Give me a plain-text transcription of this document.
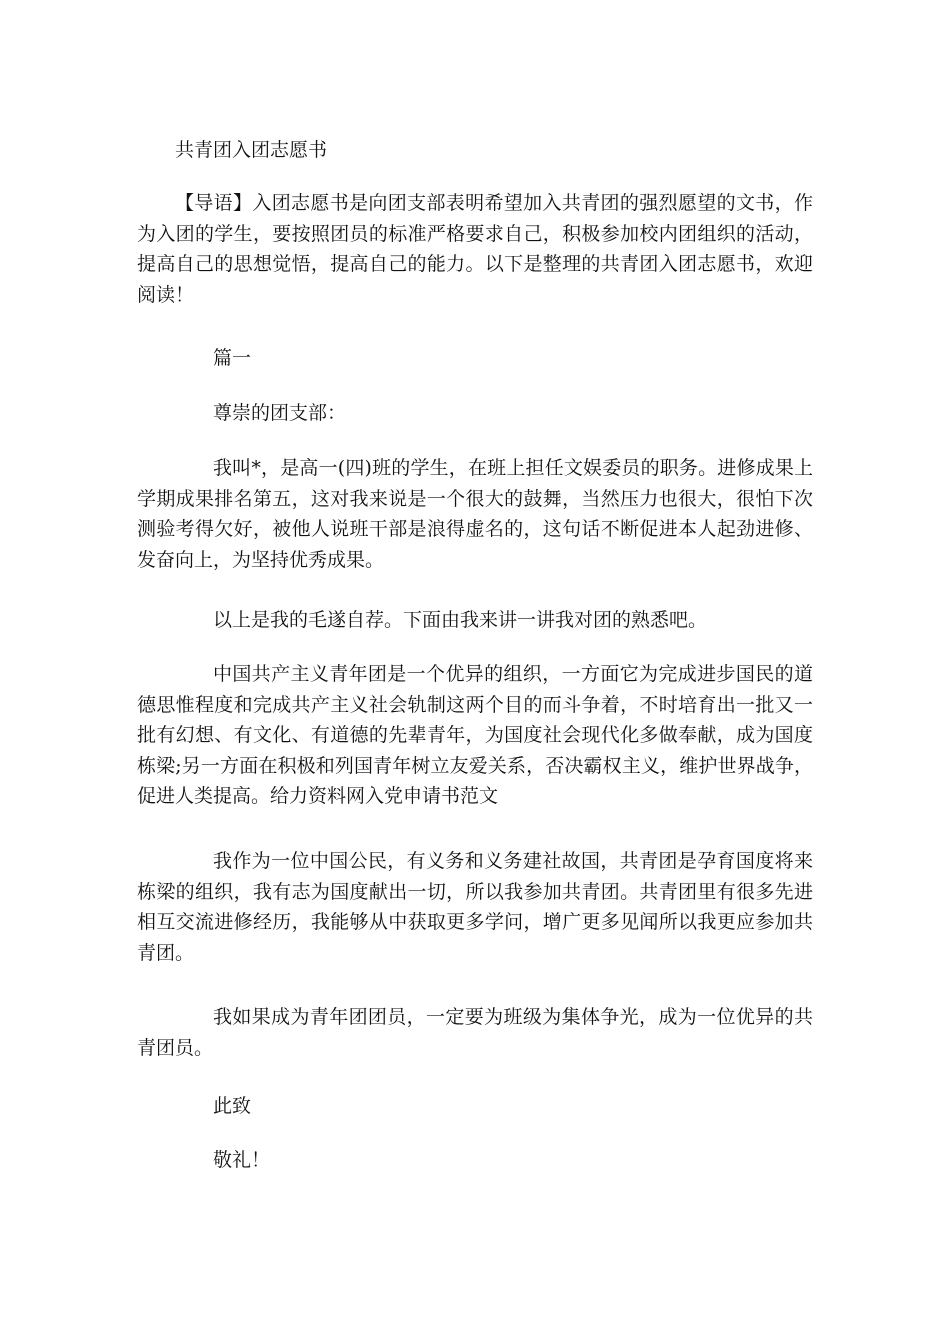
共青团入团志愿书
【导语】入团志愿书是向团支部表明希望加入共青团的强烈愿望的文书，作为入团的学生，要按照团员的标准严格要求自己，积极参加校内团组织的活动，提高自己的思想觉悟，提高自己的能力。以下是整理的共青团入团志愿书，欢迎阅读！
篇一
尊崇的团支部：
我叫*，是高一(四)班的学生，在班上担任文娱委员的职务。进修成果上学期成果排名第五，这对我来说是一个很大的鼓舞，当然压力也很大，很怕下次测验考得欠好，被他人说班干部是浪得虚名的，这句话不断促进本人起劲进修、发奋向上，为坚持优秀成果。
以上是我的毛遂自荐。下面由我来讲一讲我对团的熟悉吧。
中国共产主义青年团是一个优异的组织，一方面它为完成进步国民的道德思惟程度和完成共产主义社会轨制这两个目的而斗争着，不时培育出一批又一批有幻想、有文化、有道德的先辈青年，为国度社会现代化多做奉献，成为国度栋梁;另一方面在积极和列国青年树立友爱关系，否决霸权主义，维护世界战争，促进人类提高。给力资料网入党申请书范文
我作为一位中国公民，有义务和义务建社故国，共青团是孕育国度将来栋梁的组织，我有志为国度献出一切，所以我参加共青团。共青团里有很多先进相互交流进修经历，我能够从中获取更多学问，增广更多见闻所以我更应参加共青团。
我如果成为青年团团员，一定要为班级为集体争光，成为一位优异的共青团员。
此致
敬礼！
